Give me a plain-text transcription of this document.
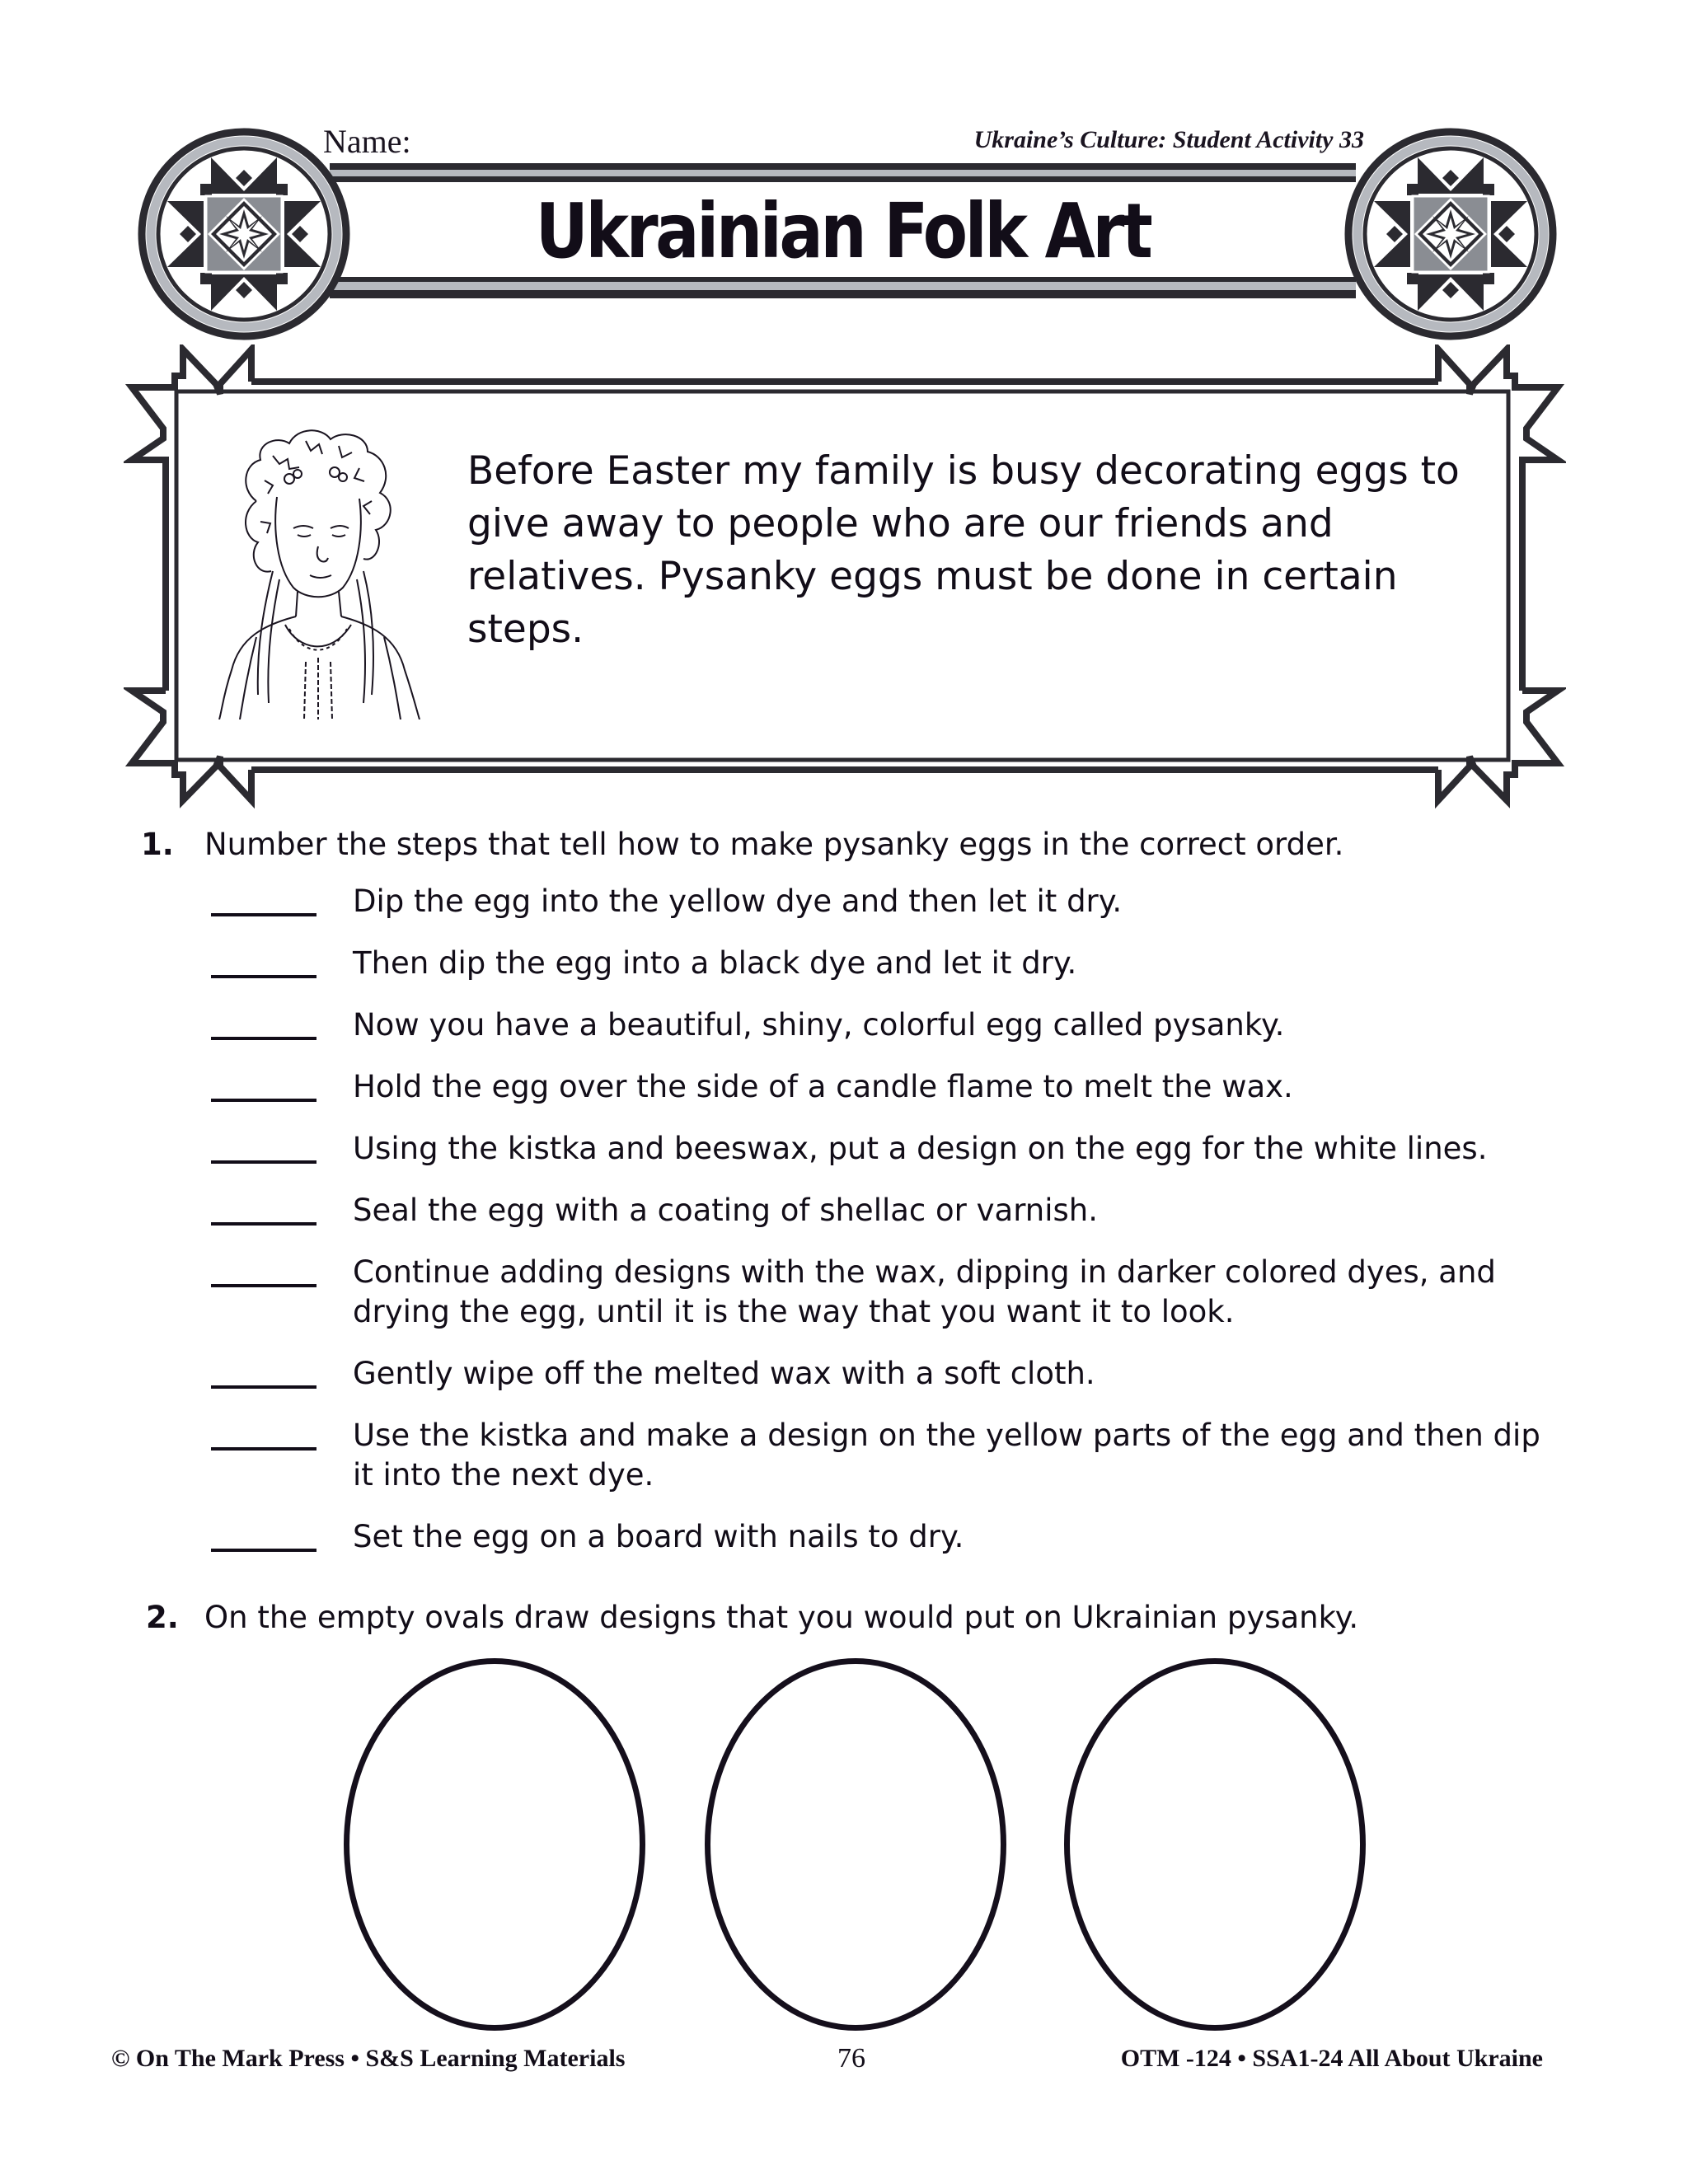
Name:	Ukraine’s Culture: Student Activity 33
Ukrainian Folk Art
Before Easter my family is busy decorating eggs to give away to people who are our friends and relatives. Pysanky eggs must be done in certain steps.
1. Number the steps that tell how to make pysanky eggs in the correct order.
Dip the egg into the yellow dye and then let it dry.
Then dip the egg into a black dye and let it dry.
Now you have a beautiful, shiny, colorful egg called pysanky.
Hold the egg over the side of a candle flame to melt the wax.
Using the kistka and beeswax, put a design on the egg for the white lines.
Seal the egg with a coating of shellac or varnish.
Continue adding designs with the wax, dipping in darker colored dyes, and drying the egg, until it is the way that you want it to look.
Gently wipe off the melted wax with a soft cloth.
Use the kistka and make a design on the yellow parts of the egg and then dip it into the next dye.
Set the egg on a board with nails to dry.
2. On the empty ovals draw designs that you would put on Ukrainian pysanky.
© On The Mark Press • S&S Learning Materials	76	OTM -124 • SSA1-24 All About Ukraine
